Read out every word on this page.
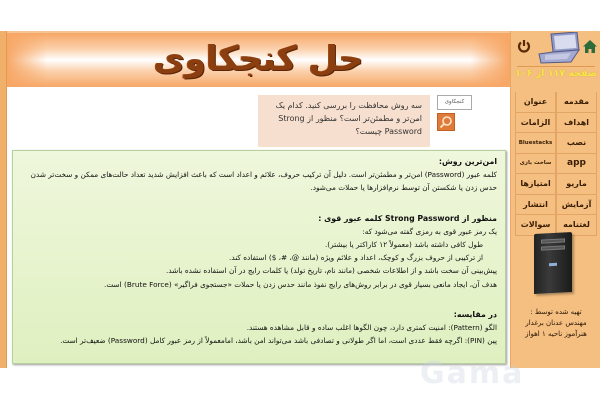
حل کنجکاوی
سه روش محافظت را بررسی کنید. کدام یک امن‌تر و مطمئن‌تر است؟ منظور از Strong Password چیست؟
کنجکاوی
امن‌ترین روش:
کلمه عبور (Password) امن‌تر و مطمئن‌تر است. دلیل آن ترکیب حروف، علائم و اعداد است که باعث افزایش شدید تعداد حالت‌های ممکن و سخت‌تر شدن حدس زدن یا شکستن آن توسط نرم‌افزارها یا حملات می‌شود.
منظور از Strong Password کلمه عبور قوی :
یک رمز عبور قوی به رمزی گفته می‌شود که:
طول کافی داشته باشد (معمولاً ۱۲ کاراکتر یا بیشتر).
از ترکیبی از حروف بزرگ و کوچک، اعداد و علائم ویژه (مانند @، #، $) استفاده کند.
پیش‌بینی آن سخت باشد و از اطلاعات شخصی (مانند نام، تاریخ تولد) یا کلمات رایج در آن استفاده نشده باشد.
هدف آن، ایجاد مانعی بسیار قوی در برابر روش‌های رایج نفوذ مانند حدس زدن یا حملات «جستجوی فراگیر» (Brute Force) است.
در مقایسه:
الگو (Pattern): امنیت کمتری دارد، چون الگوها اغلب ساده و قابل مشاهده هستند.
پین (PIN): اگرچه فقط عددی است، اما اگر طولانی و تصادفی باشد می‌تواند امن باشد، اما‌معمولاً از رمز عبور کامل (Password) ضعیف‌تر است.
صفحه ۱۱۷ از ۱۰۶
مقدمه
عنوان
اهداف
الزامات
نصب
Bluestacks
app
ساخت بازی
ماریو
امتیازها
آزمایش
انتشار
لغتنامه
سوالات
تهیه شده توسط :
مهندس عدنان برغدار
هنرآموز ناحیه ۱ اهواز
Gama
